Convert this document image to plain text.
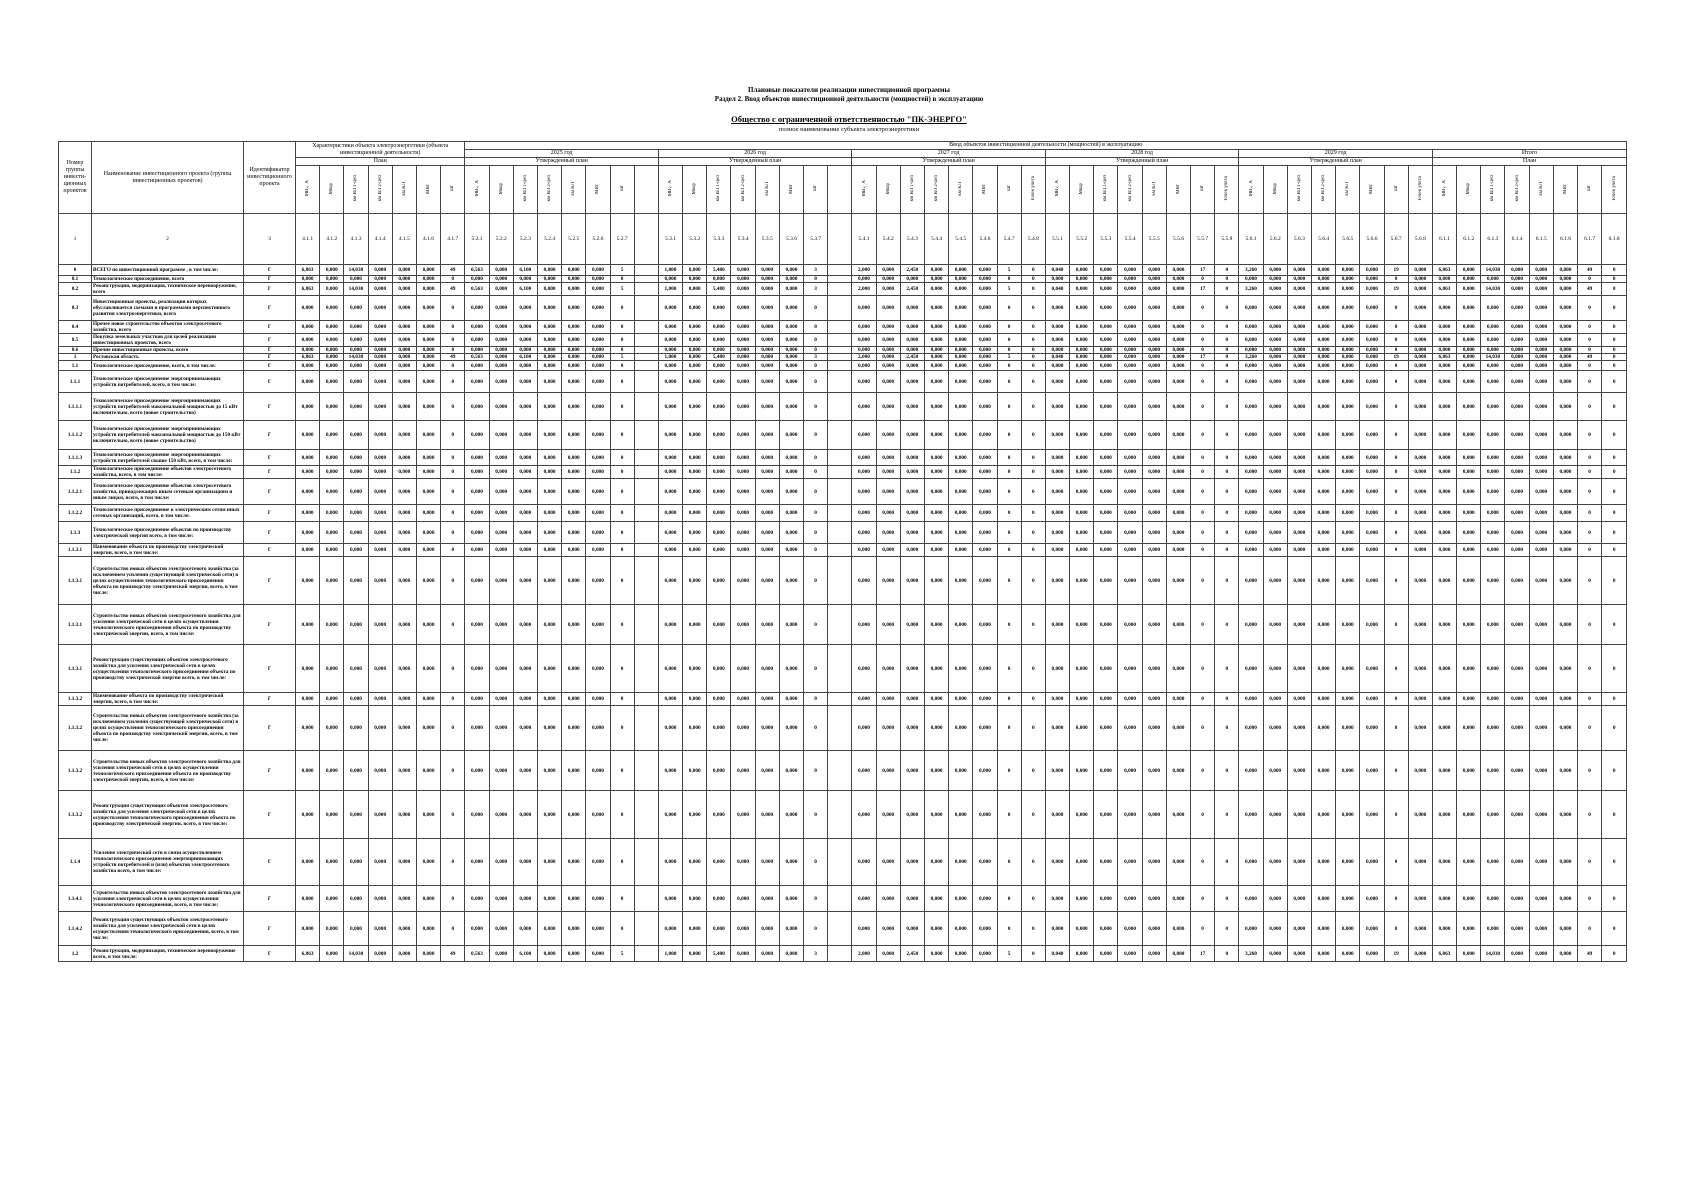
Плановые показатели реализации инвестиционной программы
Раздел 2. Ввод объектов инвестиционной деятельности (мощностей) в эксплуатацию
Общество с ограниченной ответственностью "ПК-ЭНЕРГО"
полное наименование субъекта электроэнергетики
Номер группы инвести-ционных проектов	Наименование инвестиционного проекта (группы инвестиционных проектов)	Идентификатор инвестиционного проекта	Характеристики объекта электроэнергетики (объекта инвестиционной деятельности)							Ввод объектов инвестиционной деятельности (мощностей) в эксплуатацию																																															
										2025 год								2026 год								2027 год								2028 год								2029 год								Итого							
			План							Утвержденный план								Утвержденный план								Утвержденный план								Утвержденный план								Утвержденный план								План							
			МВ×А	Мвар	км ВЛ 1-цеп	км ВЛ 2-цеп	км КЛ	МВт	шт	МВ×А	Мвар	км ВЛ 1-цеп	км ВЛ 2-цеп	км КЛ	МВт	шт		МВ×А	Мвар	км ВЛ 1-цеп	км ВЛ 2-цеп	км КЛ	МВт	шт		МВ×А	Мвар	км ВЛ 1-цеп	км ВЛ 2-цеп	км КЛ	МВт	шт	Точек учета	МВ×А	Мвар	км ВЛ 1-цеп	км ВЛ 2-цеп	км КЛ	МВт	шт	Точек учета	МВ×А	Мвар	км ВЛ 1-цеп	км ВЛ 2-цеп	км КЛ	МВт	шт	Точек учета	МВ×А	Мвар	км ВЛ 1-цеп	км ВЛ 2-цеп	км КЛ	МВт	шт	Точек учета
1	2	3	4.1.1	4.1.2	4.1.3	4.1.4	4.1.5	4.1.6	4.1.7	5.2.1	5.2.2	5.2.3	5.2.4	5.2.5	5.2.6	5.2.7		5.3.1	5.3.2	5.3.3	5.3.4	5.3.5	5.3.6	5.3.7		5.4.1	5.4.2	5.4.3	5.4.4	5.4.5	5.4.6	5.4.7	5.4.8	5.5.1	5.5.2	5.5.3	5.5.4	5.5.5	5.5.6	5.5.7	5.5.8	5.6.1	5.6.2	5.6.3	5.6.4	5.6.5	5.6.6	5.6.7	5.6.8	6.1.1	6.1.2	6.1.3	6.1.4	6.1.5	6.1.6	6.1.7	6.1.8
0	ВСЕГО по инвестиционной программе , в том числе:	Г	6,863	0,000	14,030	0,000	0,000	0,000	49	0,563	0,000	6,100	0,000	0,000	0,000	5		1,000	0,000	5,480	0,000	0,000	0,000	3		2,000	0,000	2,450	0,000	0,000	0,000	5	0	0,040	0,000	0,000	0,000	0,000	0,000	17	0	3,260	0,000	0,000	0,000	0,000	0,000	19	0,000	6,863	0,000	14,030	0,000	0,000	0,000	49	0
0.1	Технологическое присоединение, всего	Г	0,000	0,000	0,000	0,000	0,000	0,000	0	0,000	0,000	0,000	0,000	0,000	0,000	0		0,000	0,000	0,000	0,000	0,000	0,000	0		0,000	0,000	0,000	0,000	0,000	0,000	0	0	0,000	0,000	0,000	0,000	0,000	0,000	0	0	0,000	0,000	0,000	0,000	0,000	0,000	0	0,000	0,000	0,000	0,000	0,000	0,000	0,000	0	0
0.2	Реконструкция, модернизация, техническое перевооружение, всего	Г	6,863	0,000	14,030	0,000	0,000	0,000	49	0,563	0,000	6,100	0,000	0,000	0,000	5		1,000	0,000	5,480	0,000	0,000	0,000	3		2,000	0,000	2,450	0,000	0,000	0,000	5	0	0,040	0,000	0,000	0,000	0,000	0,000	17	0	3,260	0,000	0,000	0,000	0,000	0,000	19	0,000	6,863	0,000	14,030	0,000	0,000	0,000	49	0
0.3	Инвестиционные проекты, реализация которых обуславливается схемами и программами перспективного развития электроэнергетики, всего	Г	0,000	0,000	0,000	0,000	0,000	0,000	0	0,000	0,000	0,000	0,000	0,000	0,000	0		0,000	0,000	0,000	0,000	0,000	0,000	0		0,000	0,000	0,000	0,000	0,000	0,000	0	0	0,000	0,000	0,000	0,000	0,000	0,000	0	0	0,000	0,000	0,000	0,000	0,000	0,000	0	0,000	0,000	0,000	0,000	0,000	0,000	0,000	0	0
0.4	Прочее новое строительство объектов электросетевого хозяйства, всего	Г	0,000	0,000	0,000	0,000	0,000	0,000	0	0,000	0,000	0,000	0,000	0,000	0,000	0		0,000	0,000	0,000	0,000	0,000	0,000	0		0,000	0,000	0,000	0,000	0,000	0,000	0	0	0,000	0,000	0,000	0,000	0,000	0,000	0	0	0,000	0,000	0,000	0,000	0,000	0,000	0	0,000	0,000	0,000	0,000	0,000	0,000	0,000	0	0
0.5	Покупка земельных участков для целей реализации инвестиционных проектов, всего	Г	0,000	0,000	0,000	0,000	0,000	0,000	0	0,000	0,000	0,000	0,000	0,000	0,000	0		0,000	0,000	0,000	0,000	0,000	0,000	0		0,000	0,000	0,000	0,000	0,000	0,000	0	0	0,000	0,000	0,000	0,000	0,000	0,000	0	0	0,000	0,000	0,000	0,000	0,000	0,000	0	0,000	0,000	0,000	0,000	0,000	0,000	0,000	0	0
0.6	Прочие инвестиционные проекты, всего	Г	0,000	0,000	0,000	0,000	0,000	0,000	0	0,000	0,000	0,000	0,000	0,000	0,000	0		0,000	0,000	0,000	0,000	0,000	0,000	0		0,000	0,000	0,000	0,000	0,000	0,000	0	0	0,000	0,000	0,000	0,000	0,000	0,000	0	0	0,000	0,000	0,000	0,000	0,000	0,000	0	0,000	0,000	0,000	0,000	0,000	0,000	0,000	0	0
1	Ростовская область	Г	6,863	0,000	14,030	0,000	0,000	0,000	49	0,563	0,000	6,100	0,000	0,000	0,000	5		1,000	0,000	5,480	0,000	0,000	0,000	3		2,000	0,000	2,450	0,000	0,000	0,000	5	0	0,040	0,000	0,000	0,000	0,000	0,000	17	0	3,260	0,000	0,000	0,000	0,000	0,000	19	0,000	6,863	0,000	14,030	0,000	0,000	0,000	49	0
1.1	Технологическое присоединение, всего, в том числе:	Г	0,000	0,000	0,000	0,000	0,000	0,000	0	0,000	0,000	0,000	0,000	0,000	0,000	0		0,000	0,000	0,000	0,000	0,000	0,000	0		0,000	0,000	0,000	0,000	0,000	0,000	0	0	0,000	0,000	0,000	0,000	0,000	0,000	0	0	0,000	0,000	0,000	0,000	0,000	0,000	0	0,000	0,000	0,000	0,000	0,000	0,000	0,000	0	0
1.1.1	Технологическое присоединение энергопринимающих устройств потребителей, всего, в том числе:	Г	0,000	0,000	0,000	0,000	0,000	0,000	0	0,000	0,000	0,000	0,000	0,000	0,000	0		0,000	0,000	0,000	0,000	0,000	0,000	0		0,000	0,000	0,000	0,000	0,000	0,000	0	0	0,000	0,000	0,000	0,000	0,000	0,000	0	0	0,000	0,000	0,000	0,000	0,000	0,000	0	0,000	0,000	0,000	0,000	0,000	0,000	0,000	0	0
1.1.1.1	Технологическое присоединение энергопринимающих устройств потребителей максимальной мощностью до 15 кВт включительно, всего (новое строительство)	Г	0,000	0,000	0,000	0,000	0,000	0,000	0	0,000	0,000	0,000	0,000	0,000	0,000	0		0,000	0,000	0,000	0,000	0,000	0,000	0		0,000	0,000	0,000	0,000	0,000	0,000	0	0	0,000	0,000	0,000	0,000	0,000	0,000	0	0	0,000	0,000	0,000	0,000	0,000	0,000	0	0,000	0,000	0,000	0,000	0,000	0,000	0,000	0	0
1.1.1.2	Технологическое присоединение энергопринимающих устройств потребителей максимальной мощностью до 150 кВт включительно, всего (новое строительство)	Г	0,000	0,000	0,000	0,000	0,000	0,000	0	0,000	0,000	0,000	0,000	0,000	0,000	0		0,000	0,000	0,000	0,000	0,000	0,000	0		0,000	0,000	0,000	0,000	0,000	0,000	0	0	0,000	0,000	0,000	0,000	0,000	0,000	0	0	0,000	0,000	0,000	0,000	0,000	0,000	0	0,000	0,000	0,000	0,000	0,000	0,000	0,000	0	0
1.1.1.3	Технологическое присоединение энергопринимающих устройств потребителей свыше 150 кВт, всего, в том числе:	Г	0,000	0,000	0,000	0,000	0,000	0,000	0	0,000	0,000	0,000	0,000	0,000	0,000	0		0,000	0,000	0,000	0,000	0,000	0,000	0		0,000	0,000	0,000	0,000	0,000	0,000	0	0	0,000	0,000	0,000	0,000	0,000	0,000	0	0	0,000	0,000	0,000	0,000	0,000	0,000	0	0,000	0,000	0,000	0,000	0,000	0,000	0,000	0	0
1.1.2	Технологическое присоединение объектов электросетевого хозяйства, всего, в том числе:	Г	0,000	0,000	0,000	0,000	0,000	0,000	0	0,000	0,000	0,000	0,000	0,000	0,000	0		0,000	0,000	0,000	0,000	0,000	0,000	0		0,000	0,000	0,000	0,000	0,000	0,000	0	0	0,000	0,000	0,000	0,000	0,000	0,000	0	0	0,000	0,000	0,000	0,000	0,000	0,000	0	0,000	0,000	0,000	0,000	0,000	0,000	0,000	0	0
1.1.2.1	Технологическое присоединение объектов электросетевого хозяйства, принадлежащих иным сетевым организациям и иным лицам, всего, в том числе:	Г	0,000	0,000	0,000	0,000	0,000	0,000	0	0,000	0,000	0,000	0,000	0,000	0,000	0		0,000	0,000	0,000	0,000	0,000	0,000	0		0,000	0,000	0,000	0,000	0,000	0,000	0	0	0,000	0,000	0,000	0,000	0,000	0,000	0	0	0,000	0,000	0,000	0,000	0,000	0,000	0	0,000	0,000	0,000	0,000	0,000	0,000	0,000	0	0
1.1.2.2	Технологическое присоединение к электрическим сетям иных сетевых организаций, всего, в том числе:	Г	0,000	0,000	0,000	0,000	0,000	0,000	0	0,000	0,000	0,000	0,000	0,000	0,000	0		0,000	0,000	0,000	0,000	0,000	0,000	0		0,000	0,000	0,000	0,000	0,000	0,000	0	0	0,000	0,000	0,000	0,000	0,000	0,000	0	0	0,000	0,000	0,000	0,000	0,000	0,000	0	0,000	0,000	0,000	0,000	0,000	0,000	0,000	0	0
1.1.3	Технологическое присоединение объектов по производству электрической энергии всего, в том числе:	Г	0,000	0,000	0,000	0,000	0,000	0,000	0	0,000	0,000	0,000	0,000	0,000	0,000	0		0,000	0,000	0,000	0,000	0,000	0,000	0		0,000	0,000	0,000	0,000	0,000	0,000	0	0	0,000	0,000	0,000	0,000	0,000	0,000	0	0	0,000	0,000	0,000	0,000	0,000	0,000	0	0,000	0,000	0,000	0,000	0,000	0,000	0,000	0	0
1.1.3.1	Наименование объекта по производству электрической энергии, всего, в том числе:	Г	0,000	0,000	0,000	0,000	0,000	0,000	0	0,000	0,000	0,000	0,000	0,000	0,000	0		0,000	0,000	0,000	0,000	0,000	0,000	0		0,000	0,000	0,000	0,000	0,000	0,000	0	0	0,000	0,000	0,000	0,000	0,000	0,000	0	0	0,000	0,000	0,000	0,000	0,000	0,000	0	0,000	0,000	0,000	0,000	0,000	0,000	0,000	0	0
1.1.3.1	Строительство новых объектов электросетевого хозяйства (за исключением усиления существующей электрической сети) в целях осуществления технологического присоединения объекта по производству электрической энергии, всего, в том числе:	Г	0,000	0,000	0,000	0,000	0,000	0,000	0	0,000	0,000	0,000	0,000	0,000	0,000	0		0,000	0,000	0,000	0,000	0,000	0,000	0		0,000	0,000	0,000	0,000	0,000	0,000	0	0	0,000	0,000	0,000	0,000	0,000	0,000	0	0	0,000	0,000	0,000	0,000	0,000	0,000	0	0,000	0,000	0,000	0,000	0,000	0,000	0,000	0	0
1.1.3.1	Строительство новых объектов электросетевого хозяйства для усиления электрической сети в целях осуществления технологического присоединения объекта по производству электрической энергии, всего, в том числе:	Г	0,000	0,000	0,000	0,000	0,000	0,000	0	0,000	0,000	0,000	0,000	0,000	0,000	0		0,000	0,000	0,000	0,000	0,000	0,000	0		0,000	0,000	0,000	0,000	0,000	0,000	0	0	0,000	0,000	0,000	0,000	0,000	0,000	0	0	0,000	0,000	0,000	0,000	0,000	0,000	0	0,000	0,000	0,000	0,000	0,000	0,000	0,000	0	0
1.1.3.1	Реконструкция существующих объектов электросетевого хозяйства для усиления электрической сети в целях осуществления технологического присоединения объекта по производству электрической энергии всего, в том числе:	Г	0,000	0,000	0,000	0,000	0,000	0,000	0	0,000	0,000	0,000	0,000	0,000	0,000	0		0,000	0,000	0,000	0,000	0,000	0,000	0		0,000	0,000	0,000	0,000	0,000	0,000	0	0	0,000	0,000	0,000	0,000	0,000	0,000	0	0	0,000	0,000	0,000	0,000	0,000	0,000	0	0,000	0,000	0,000	0,000	0,000	0,000	0,000	0	0
1.1.3.2	Наименование объекта по производству электрической энергии, всего, в том числе:	Г	0,000	0,000	0,000	0,000	0,000	0,000	0	0,000	0,000	0,000	0,000	0,000	0,000	0		0,000	0,000	0,000	0,000	0,000	0,000	0		0,000	0,000	0,000	0,000	0,000	0,000	0	0	0,000	0,000	0,000	0,000	0,000	0,000	0	0	0,000	0,000	0,000	0,000	0,000	0,000	0	0,000	0,000	0,000	0,000	0,000	0,000	0,000	0	0
1.1.3.2	Строительство новых объектов электросетевого хозяйства (за исключением усиления существующей электрической сети) в целях осуществления технологического присоединения объекта по производству электрической энергии, всего, в том числе:	Г	0,000	0,000	0,000	0,000	0,000	0,000	0	0,000	0,000	0,000	0,000	0,000	0,000	0		0,000	0,000	0,000	0,000	0,000	0,000	0		0,000	0,000	0,000	0,000	0,000	0,000	0	0	0,000	0,000	0,000	0,000	0,000	0,000	0	0	0,000	0,000	0,000	0,000	0,000	0,000	0	0,000	0,000	0,000	0,000	0,000	0,000	0,000	0	0
1.1.3.2	Строительство новых объектов электросетевого хозяйства для усиления электрической сети в целях осуществления технологического присоединения объекта по производству электрической энергии, всего, в том числе:	Г	0,000	0,000	0,000	0,000	0,000	0,000	0	0,000	0,000	0,000	0,000	0,000	0,000	0		0,000	0,000	0,000	0,000	0,000	0,000	0		0,000	0,000	0,000	0,000	0,000	0,000	0	0	0,000	0,000	0,000	0,000	0,000	0,000	0	0	0,000	0,000	0,000	0,000	0,000	0,000	0	0,000	0,000	0,000	0,000	0,000	0,000	0,000	0	0
1.1.3.2	Реконструкция существующих объектов электросетевого хозяйства для усиления электрической сети в целях осуществления технологического присоединения объекта по производству электрической энергии, всего, в том числе:	Г	0,000	0,000	0,000	0,000	0,000	0,000	0	0,000	0,000	0,000	0,000	0,000	0,000	0		0,000	0,000	0,000	0,000	0,000	0,000	0		0,000	0,000	0,000	0,000	0,000	0,000	0	0	0,000	0,000	0,000	0,000	0,000	0,000	0	0	0,000	0,000	0,000	0,000	0,000	0,000	0	0,000	0,000	0,000	0,000	0,000	0,000	0,000	0	0
1.1.4	Усиление электрической сети в связи осуществлением технологического присоединения энергопринимающих устройств потребителей и (или) объектов электросетевого хозяйства всего, в том числе:	Г	0,000	0,000	0,000	0,000	0,000	0,000	0	0,000	0,000	0,000	0,000	0,000	0,000	0		0,000	0,000	0,000	0,000	0,000	0,000	0		0,000	0,000	0,000	0,000	0,000	0,000	0	0	0,000	0,000	0,000	0,000	0,000	0,000	0	0	0,000	0,000	0,000	0,000	0,000	0,000	0	0,000	0,000	0,000	0,000	0,000	0,000	0,000	0	0
1.1.4.1	Строительство новых объектов электросетевого хозяйства для усиления электрической сети в целях осуществления технологического присоединения, всего, в том числе:	Г	0,000	0,000	0,000	0,000	0,000	0,000	0	0,000	0,000	0,000	0,000	0,000	0,000	0		0,000	0,000	0,000	0,000	0,000	0,000	0		0,000	0,000	0,000	0,000	0,000	0,000	0	0	0,000	0,000	0,000	0,000	0,000	0,000	0	0	0,000	0,000	0,000	0,000	0,000	0,000	0	0,000	0,000	0,000	0,000	0,000	0,000	0,000	0	0
1.1.4.2	Реконструкция существующих объектов электросетевого хозяйства для усиления электрической сети в целях осуществления технологического присоединения, всего, в том числе:	Г	0,000	0,000	0,000	0,000	0,000	0,000	0	0,000	0,000	0,000	0,000	0,000	0,000	0		0,000	0,000	0,000	0,000	0,000	0,000	0		0,000	0,000	0,000	0,000	0,000	0,000	0	0	0,000	0,000	0,000	0,000	0,000	0,000	0	0	0,000	0,000	0,000	0,000	0,000	0,000	0	0,000	0,000	0,000	0,000	0,000	0,000	0,000	0	0
1.2	Реконструкция, модернизация, техническое перевооружение всего, в том числе:	Г	6,863	0,000	14,030	0,000	0,000	0,000	49	0,563	0,000	6,100	0,000	0,000	0,000	5		1,000	0,000	5,480	0,000	0,000	0,000	3		2,000	0,000	2,450	0,000	0,000	0,000	5	0	0,040	0,000	0,000	0,000	0,000	0,000	17	0	3,260	0,000	0,000	0,000	0,000	0,000	19	0,000	6,863	0,000	14,030	0,000	0,000	0,000	49	0
